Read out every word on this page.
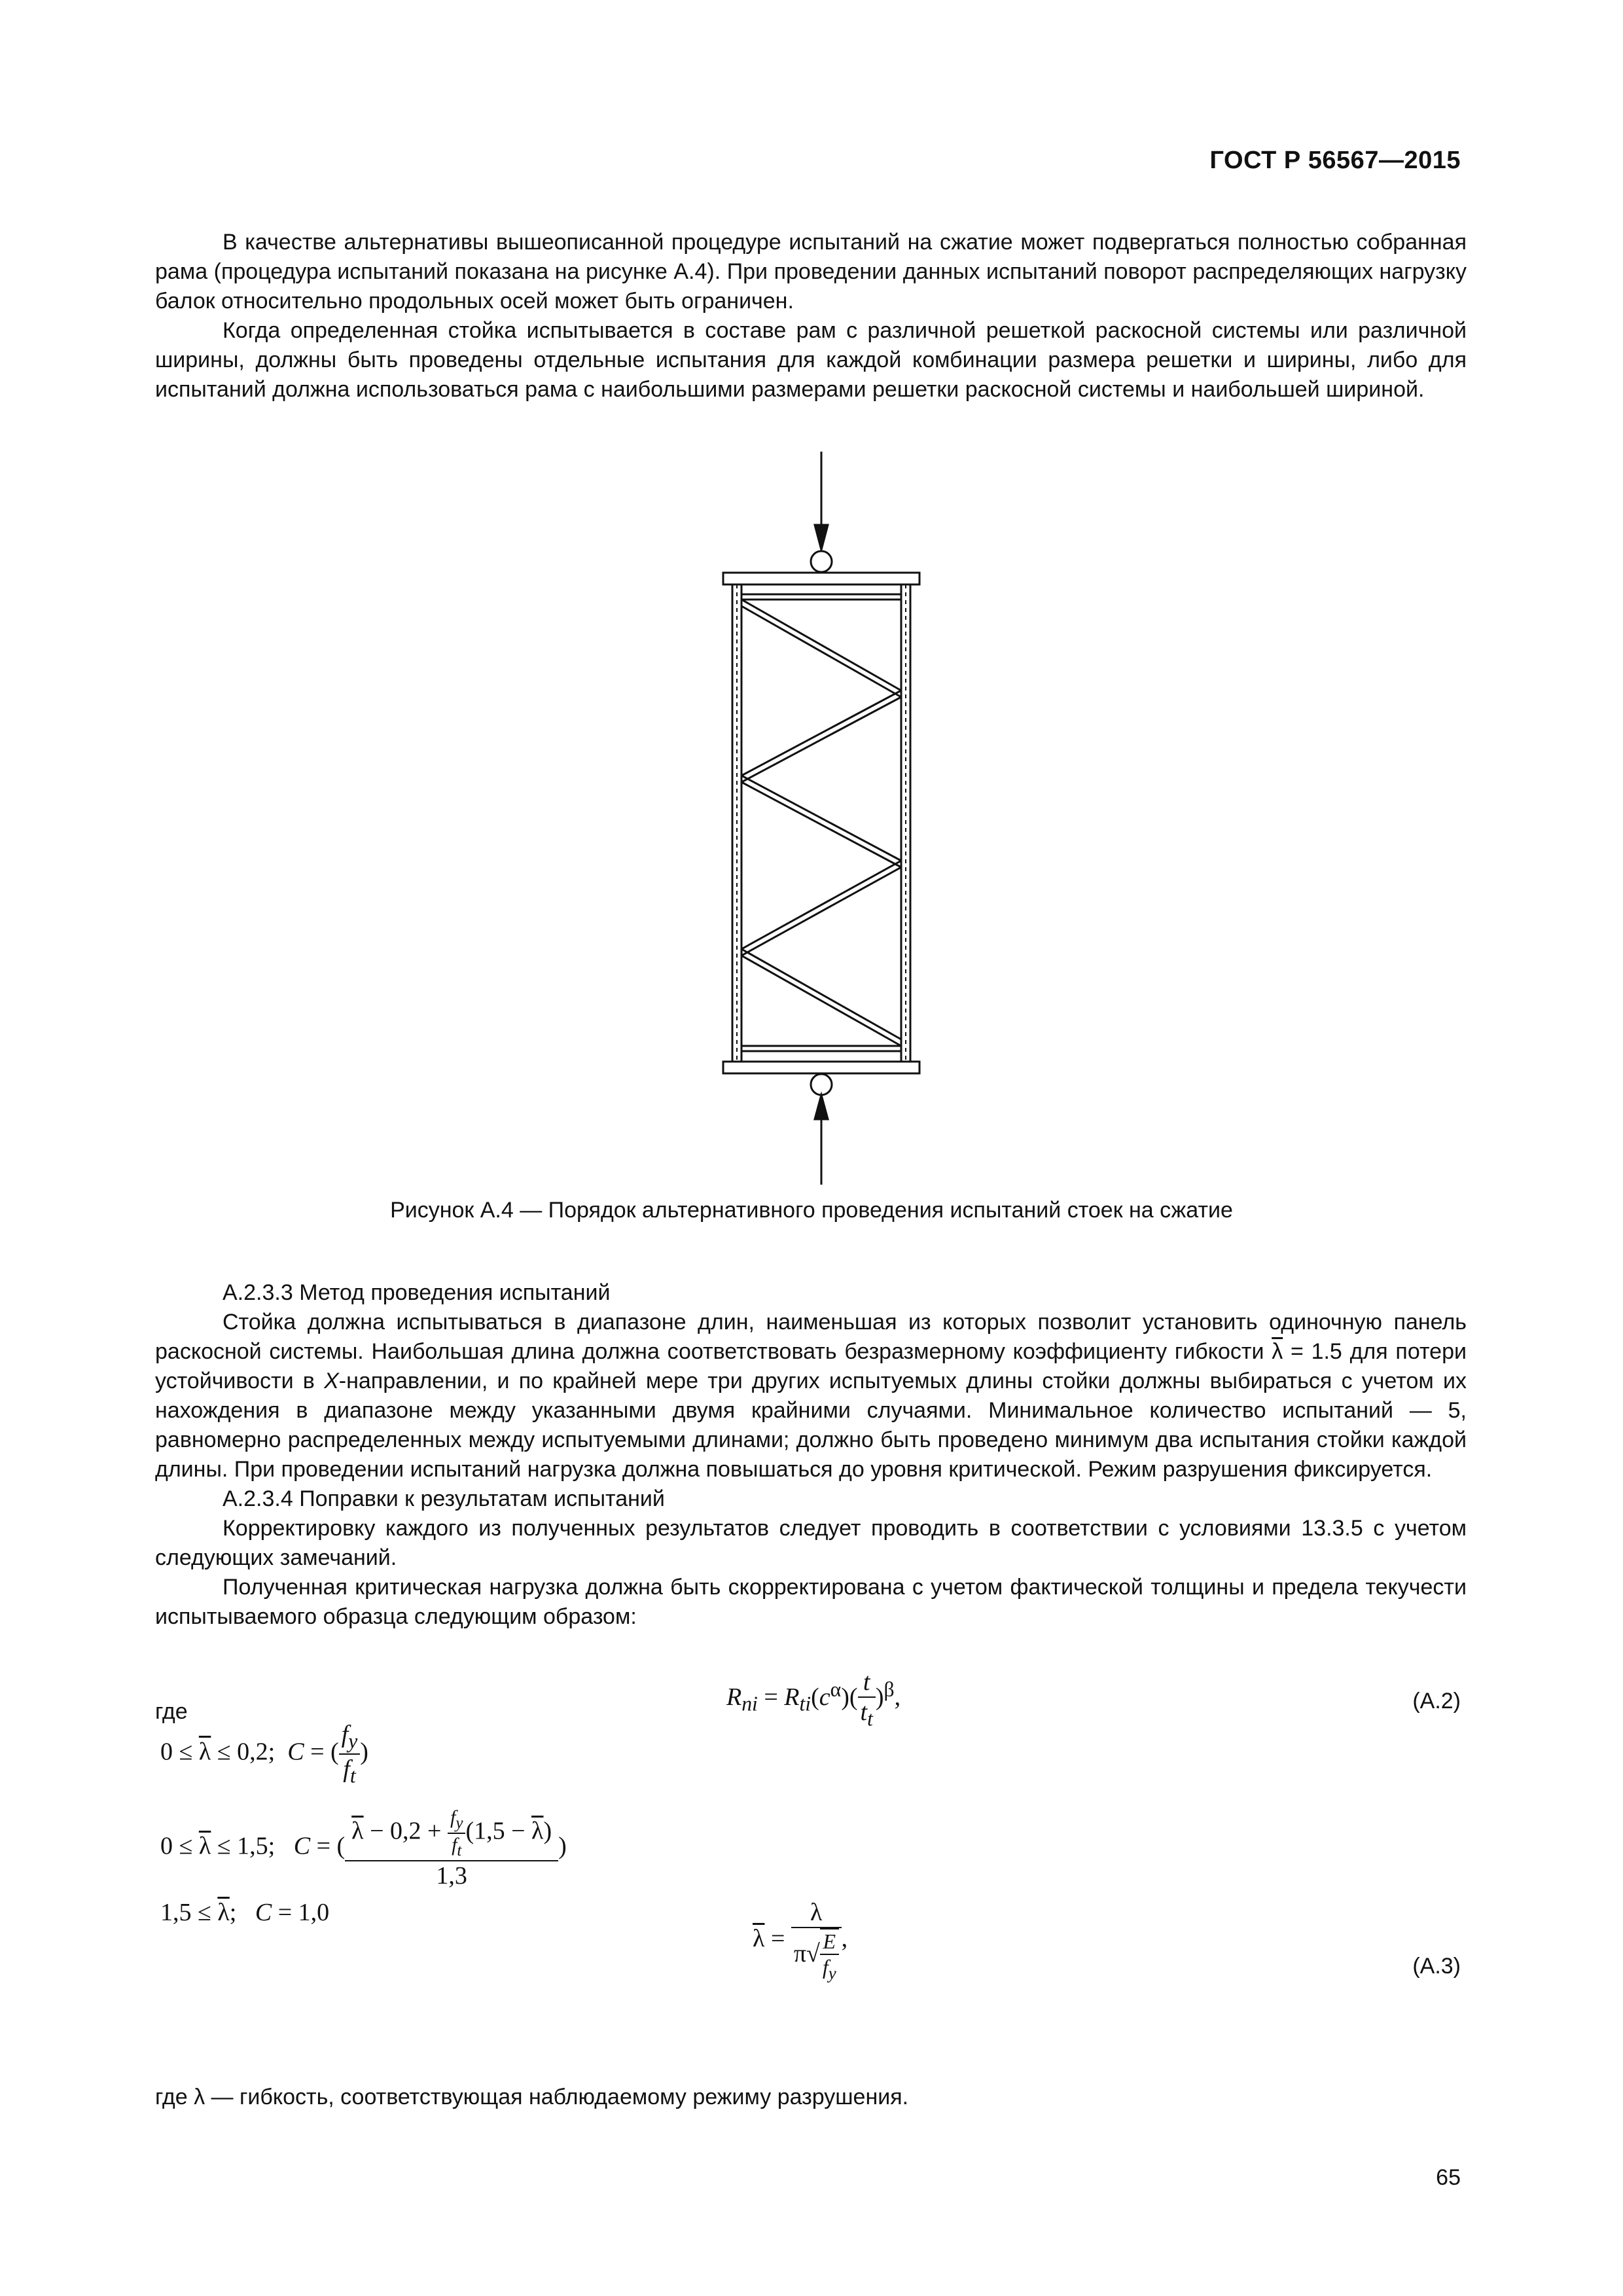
ГОСТ Р 56567—2015

В качестве альтернативы вышеописанной процедуре испытаний на сжатие может подвергаться полностью собранная рама (процедура испытаний показана на рисунке А.4). При проведении данных испытаний поворот распределяющих нагрузку балок относительно продольных осей может быть ограничен.

Когда определенная стойка испытывается в составе рам с различной решеткой раскосной системы или различной ширины, должны быть проведены отдельные испытания для каждой комбинации размера решетки и ширины, либо для испытаний должна использоваться рама с наибольшими размерами решетки раскосной системы и наибольшей шириной.

Рисунок А.4 — Порядок альтернативного проведения испытаний стоек на сжатие

А.2.3.3 Метод проведения испытаний

Стойка должна испытываться в диапазоне длин, наименьшая из которых позволит установить одиночную панель раскосной системы. Наибольшая длина должна соответствовать безразмерному коэффициенту гибкости $\overline{\lambda} = 1.5$ для потери устойчивости в X-направлении, и по крайней мере три других испытуемых длины стойки должны выбираться с учетом их нахождения в диапазоне между указанными двумя крайними случаями. Минимальное количество испытаний — 5, равномерно распределенных между испытуемыми длинами; должно быть проведено минимум два испытания стойки каждой длины. При проведении испытаний нагрузка должна повышаться до уровня критической. Режим разрушения фиксируется.

А.2.3.4 Поправки к результатам испытаний

Корректировку каждого из полученных результатов следует проводить в соответствии с условиями 13.3.5 с учетом следующих замечаний.

Полученная критическая нагрузка должна быть скорректирована с учетом фактической толщины и предела текучести испытываемого образца следующим образом:

$R_{ni} = R_{ti}(c^\alpha)( \frac{t}{t_t} )^\beta$,	(А.2)
где
$0 \le \overline{\lambda} \le 0,2$;  C = ( $\frac{f_y}{f_t}$ )
$0 \le \overline{\lambda} \le 1,5$;   C = ( $\frac{\overline{\lambda} - 0,2 + \frac{f_y}{f_t} (1,5 - \overline{\lambda})}{1,3}$ )
$1,5 \le \overline{\lambda}$;   C = 1,0
$\overline{\lambda} = \frac{\lambda}{\pi√ \frac{E}{f_y}}$ ,
(А.3)
где λ — гибкость, соответствующая наблюдаемому режиму разрушения.
65
